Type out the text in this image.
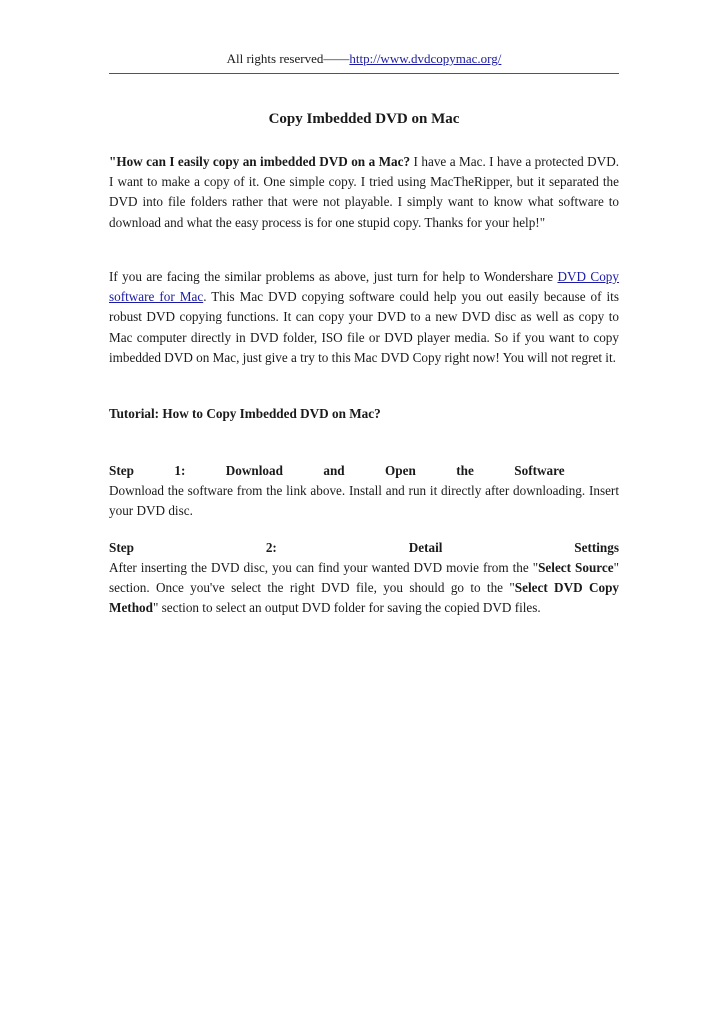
All rights reserved——http://www.dvdcopymac.org/
Copy Imbedded DVD on Mac

"How can I easily copy an imbedded DVD on a Mac? I have a Mac. I have a protected DVD. I want to make a copy of it. One simple copy. I tried using MacTheRipper, but it separated the DVD into file folders rather that were not playable. I simply want to know what software to download and what the easy process is for one stupid copy. Thanks for your help!"

If you are facing the similar problems as above, just turn for help to Wondershare DVD Copy software for Mac. This Mac DVD copying software could help you out easily because of its robust DVD copying functions. It can copy your DVD to a new DVD disc as well as copy to Mac computer directly in DVD folder, ISO file or DVD player media. So if you want to copy imbedded DVD on Mac, just give a try to this Mac DVD Copy right now! You will not regret it.

Tutorial: How to Copy Imbedded DVD on Mac?

Step	1:	Download	and	Open	the	Software

Download the software from the link above. Install and run it directly after downloading. Insert your DVD disc.

Step	2:	Detail	Settings

After inserting the DVD disc, you can find your wanted DVD movie from the "Select Source" section. Once you've select the right DVD file, you should go to the "Select DVD Copy Method" section to select an output DVD folder for saving the copied DVD files.
